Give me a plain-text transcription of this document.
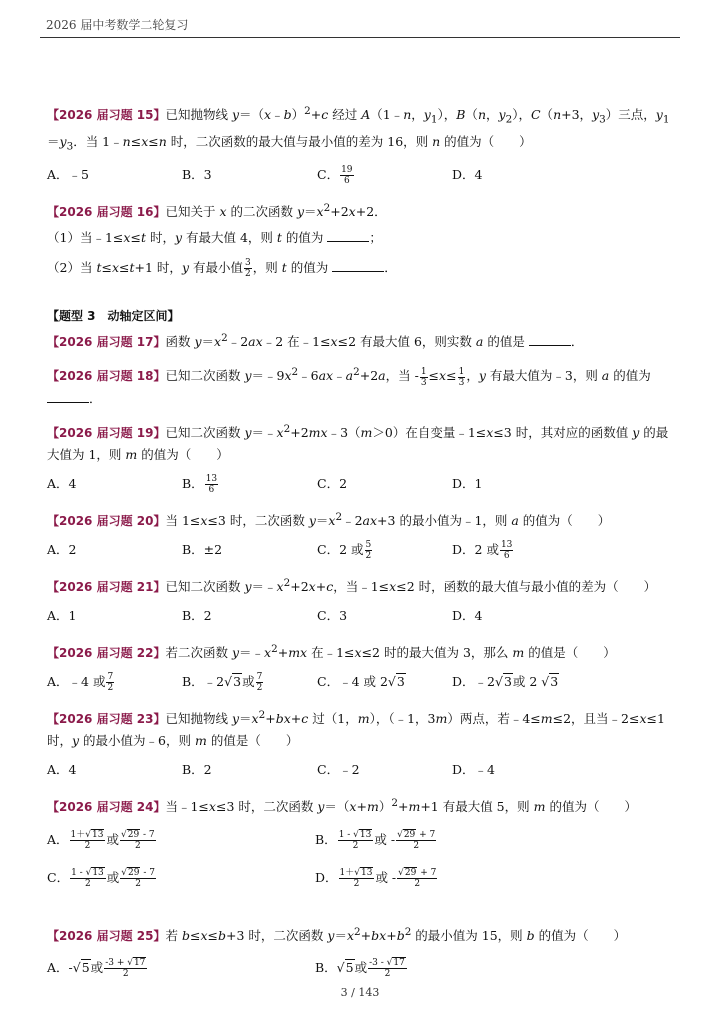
2026 届中考数学二轮复习

【2026 届习题 15】已知抛物线 y＝（x﹣b）$^2$+c 经过 A（1﹣n，$y_1$），B（n，$y_2$），C（n+3，$y_3$）三点，$y_1=y_3$．当 1﹣n≤x≤n 时，二次函数的最大值与最小值的差为 16，则 n 的值为（　　）

A．﹣5	B．3	C． $\frac{19}{6}$	D．4

【2026 届习题 16】已知关于 x 的二次函数 $y=x^2+2x+2$．

（1）当﹣1≤x≤t 时，y 有最大值 4，则 t 的值为	；

（2）当 t≤x≤t+1 时，y 有最小值 $\frac{3}{2}$ ，则 t 的值为	．

【题型 3　动轴定区间】

【2026 届习题 17】函数 $y=x^2﹣2ax﹣2$ 在﹣1≤x≤2 有最大值 6，则实数 a 的值是	．

【2026 届习题 18】已知二次函数 $y=﹣9x^2﹣6ax﹣a^2+2a$，当 - $\frac{1}{3} \le x\le \frac{1}{3}$ ，y 有最大值为﹣3，则 a 的值为．

【2026 届习题 19】已知二次函数 $y=﹣x^2+2mx﹣3(m>0)$在自变量﹣1≤x≤3 时，其对应的函数值 y 的最大值为 1，则 m 的值为（　　）

A．4	B． $\frac{13}{6}$	C．2	D．1

【2026 届习题 20】当 1≤x≤3 时，二次函数 $y=x^2﹣2ax+3$ 的最小值为﹣1，则 a 的值为（　　）

A．2	B．±2	C．2 或 $\frac{5}{2}$	D．2 或 $\frac{13}{6}$

【2026 届习题 21】已知二次函数 $y=﹣x^2+2x+c$，当﹣1≤x≤2 时，函数的最大值与最小值的差为（　　）

A．1	B．2	C．3	D．4

【2026 届习题 22】若二次函数 $y=﹣x^2+mx$ 在﹣1≤x≤2 时的最大值为 3，那么 m 的值是（　　）

A．﹣4 或 $\frac{7}{2}$	B．﹣2√3或 $\frac{7}{2}$	C．﹣4 或 2√3	D．﹣2√3或 2 √3

【2026 届习题 23】已知抛物线 $y=x^2+bx+c$ 过（1，m），（﹣1，3m）两点，若﹣4≤m≤2，且当﹣2≤x≤1 时，y 的最小值为﹣6，则 m 的值是（　　）

A．4	B．2	C．﹣2	D．﹣4

【2026 届习题 24】当﹣1≤x≤3 时，二次函数 $y=(x+m)^2+m+1$ 有最大值 5，则 m 的值为（　　）

A． $\frac{1+√13}{2}$ 或 $\frac{√29 - 7}{2}$	B． $\frac{1 - √13}{2}$ 或 - $\frac{√29 + 7}{2}$
C． $\frac{1 - √13}{2}$ 或 $\frac{√29 - 7}{2}$	D． $\frac{1+√13}{2}$ 或 - $\frac{√29 + 7}{2}$

【2026 届习题 25】若 b≤x≤b+3 时，二次函数 $y=x^2+bx+b^2$ 的最小值为 15，则 b 的值为（　　）

A．-√5或 $\frac{-3 + √17}{2}$	B．√5或 $\frac{-3 - √17}{2}$
3 / 143
